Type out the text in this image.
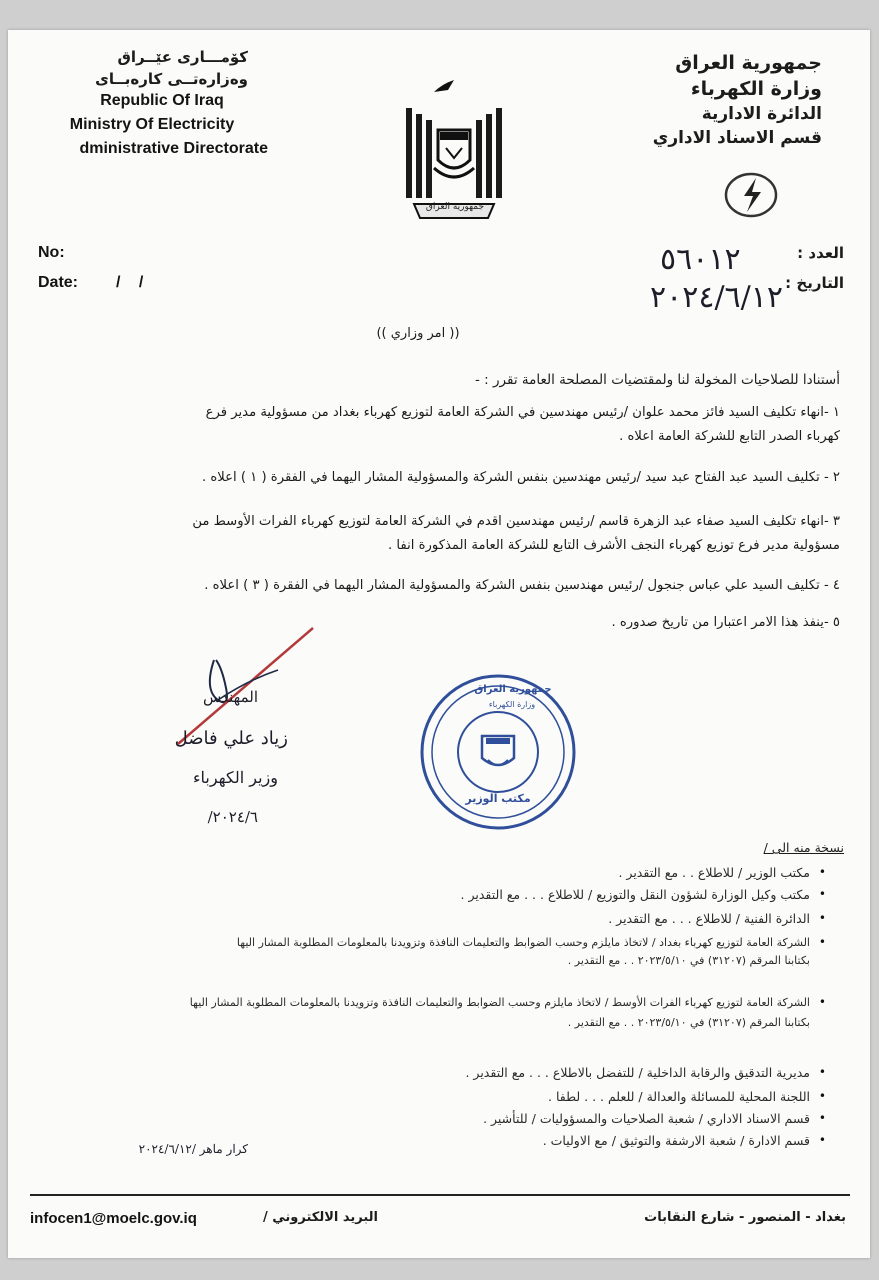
كۆمـــارى عێــراق
وەزارەتــى كارەبــاى
Republic Of Iraq
Ministry Of Electricity
dministrative Directorate
جمهورية العراق
جمهورية العراق
وزارة الكهرباء
الدائرة الادارية
قسم الاسناد الاداري
No:
Date: / /
العدد :
التاريخ :
٥٦٠١٢
٢٠٢٤/٦/١٢
(( امر وزاري ))
أستنادا للصلاحيات المخولة لنا ولمقتضيات المصلحة العامة تقرر : -
١ -انهاء تكليف السيد فائز محمد علوان /رئيس مهندسين في الشركة العامة لتوزيع كهرباء بغداد من مسؤولية مدير فرع
كهرباء الصدر التابع للشركة العامة اعلاه .
٢ - تكليف السيد عبد الفتاح عبد سيد /رئيس مهندسين بنفس الشركة والمسؤولية المشار اليهما في الفقرة ( ١ ) اعلاه .
٣ -انهاء تكليف السيد صفاء عبد الزهرة قاسم /رئيس مهندسين اقدم في الشركة العامة لتوزيع كهرباء الفرات الأوسط من
مسؤولية مدير فرع توزيع كهرباء النجف الأشرف التابع للشركة العامة المذكورة انفا .
٤ - تكليف السيد علي عباس جنجول /رئيس مهندسين بنفس الشركة والمسؤولية المشار اليهما في الفقرة ( ٣ ) اعلاه .
٥ -ينفذ هذا الامر اعتبارا من تاريخ صدوره .
المهندس
زياد علي فاضل
وزير الكهرباء
٢٠٢٤/٦/
جمهورية العراق
وزارة الكهرباء
مكتب الوزير
نسخة منه الى /
• مكتب الوزير / للاطلاع . . مع التقدير .
• مكتب وكيل الوزارة لشؤون النقل والتوزيع / للاطلاع . . . مع التقدير .
• الدائرة الفنية / للاطلاع . . . مع التقدير .
• الشركة العامة لتوزيع كهرباء بغداد / لاتخاذ مايلزم وحسب الضوابط والتعليمات النافذة وتزويدنا بالمعلومات المطلوبة المشار اليها
• الشركة العامة لتوزيع كهرباء الفرات الأوسط / لاتخاذ مايلزم وحسب الضوابط والتعليمات النافذة وتزويدنا بالمعلومات المطلوبة المشار اليها
• مديرية التدقيق والرقابة الداخلية / للتفضل بالاطلاع . . . مع التقدير .
• اللجنة المحلية للمسائلة والعدالة / للعلم . . . لطفا .
• قسم الاسناد الاداري / شعبة الصلاحيات والمسؤوليات / للتأشير .
• قسم الادارة / شعبة الارشفة والتوثيق / مع الاوليات .
بكتابنا المرقم (٣١٢٠٧) في ٢٠٢٣/٥/١٠ . . مع التقدير .
بكتابنا المرقم (٣١٢٠٧) في ٢٠٢٣/٥/١٠ . . مع التقدير .
كرار ماهر /٢٠٢٤/٦/١٢
infocen1@moelc.gov.iq	البريد الالكتروني /	بغداد - المنصور - شارع النقابات
